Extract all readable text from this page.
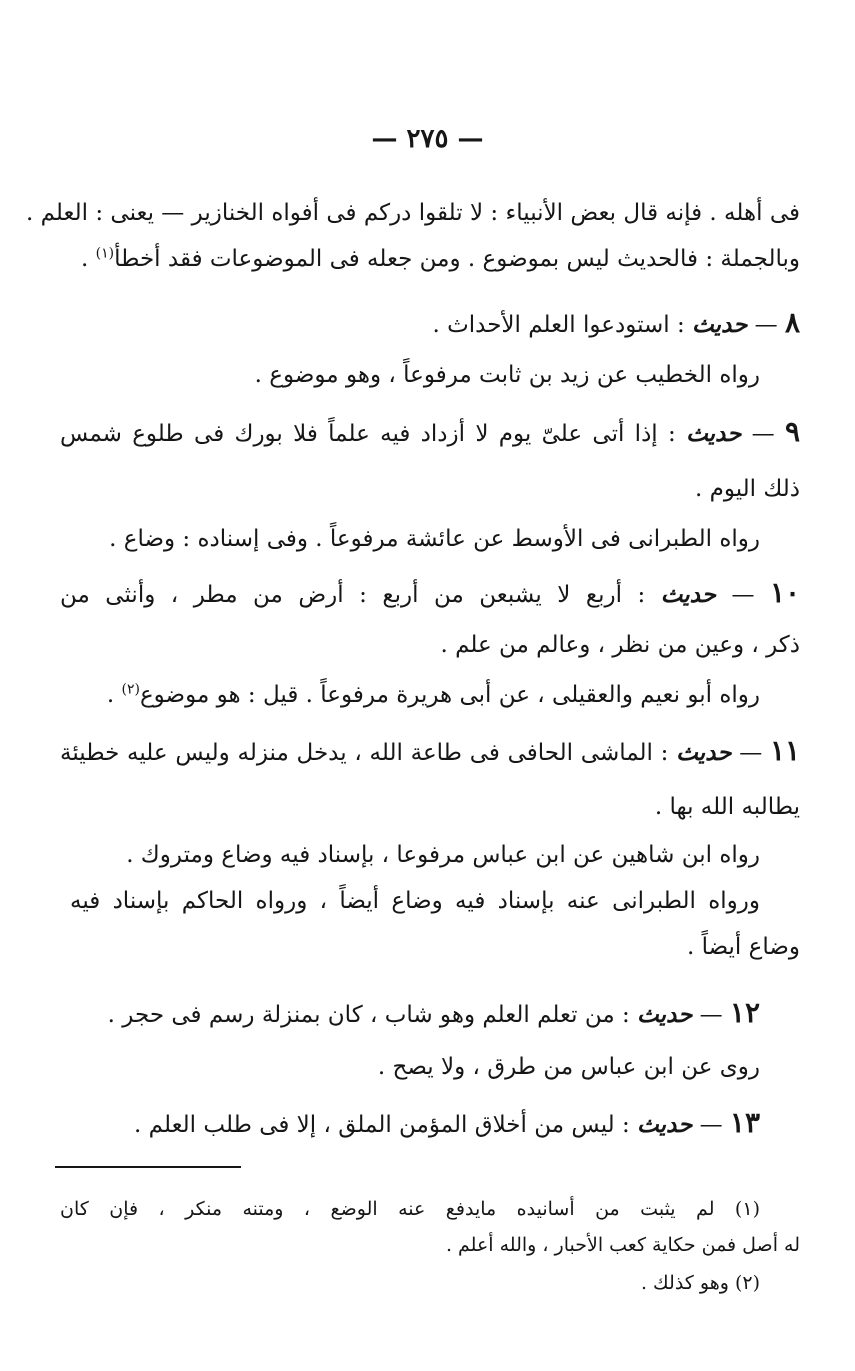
— ٢٧٥ —
فى أهله . فإنه قال بعض الأنبياء : لا تلقوا دركم فى أفواه الخنازير — يعنى : العلم .
وبالجملة : فالحديث ليس بموضوع . ومن جعله فى الموضوعات فقد أخطأ$^{(١)}$ .
٨ — حديث : استودعوا العلم الأحداث .
رواه الخطيب عن زيد بن ثابت مرفوعاً ، وهو موضوع .
٩ — حديث : إذا أتى علىّ يوم لا أزداد فيه علماً فلا بورك فى طلوع شمس
ذلك اليوم .
رواه الطبرانى فى الأوسط عن عائشة مرفوعاً . وفى إسناده : وضاع .
١٠ — حديث : أربع لا يشبعن من أربع : أرض من مطر ، وأنثى من
ذكر ، وعين من نظر ، وعالم من علم .
رواه أبو نعيم والعقيلى ، عن أبى هريرة مرفوعاً . قيل : هو موضوع$^{(٢)}$ .
١١ — حديث : الماشى الحافى فى طاعة الله ، يدخل منزله وليس عليه خطيئة
يطالبه الله بها .
رواه ابن شاهين عن ابن عباس مرفوعا ، بإسناد فيه وضاع ومتروك .
ورواه الطبرانى عنه بإسناد فيه وضاع أيضاً ، ورواه الحاكم بإسناد فيه
وضاع أيضاً .
١٢ — حديث : من تعلم العلم وهو شاب ، كان بمنزلة رسم فى حجر .
روى عن ابن عباس من طرق ، ولا يصح .
١٣ — حديث : ليس من أخلاق المؤمن الملق ، إلا فى طلب العلم .
(١) لم يثبت من أسانيده مايدفع عنه الوضع ، ومتنه منكر ، فإن كان
له أصل فمن حكاية كعب الأحبار ، والله أعلم .
(٢) وهو كذلك .
